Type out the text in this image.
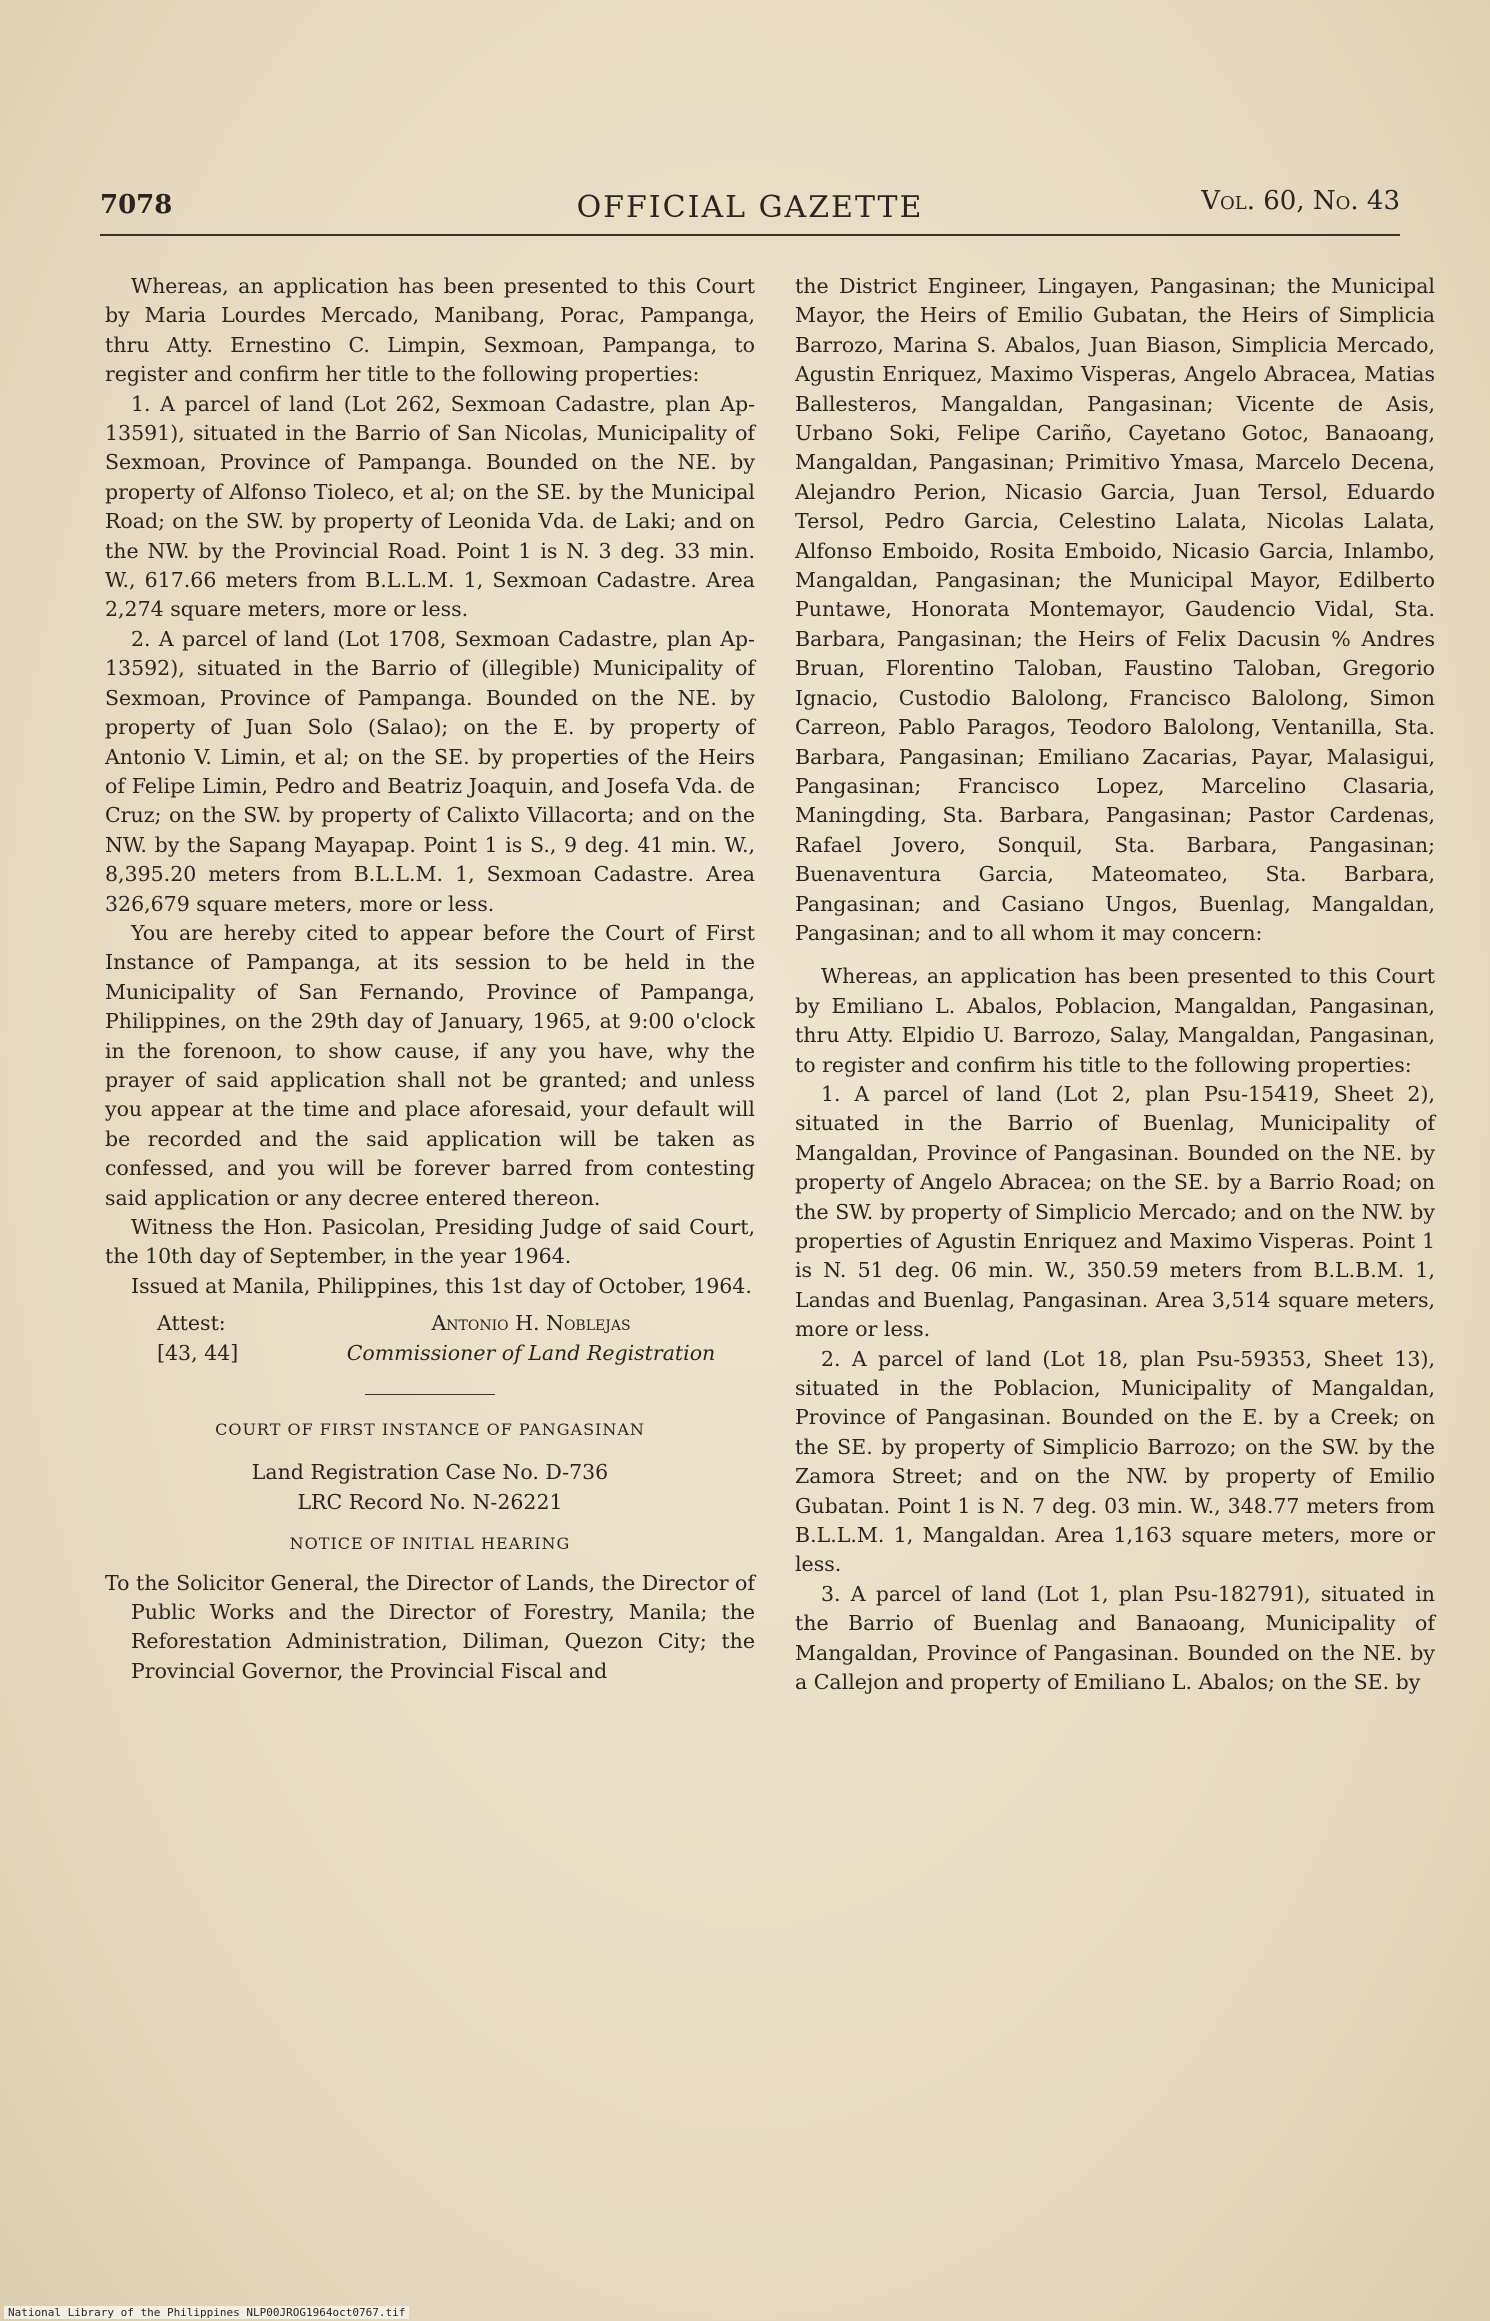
7078	OFFICIAL GAZETTE	Vol. 60, No. 43

Whereas, an application has been presented to this Court by Maria Lourdes Mercado, Manibang, Porac, Pampanga, thru Atty. Ernestino C. Limpin, Sexmoan, Pampanga, to register and confirm her title to the following properties:

1. A parcel of land (Lot 262, Sexmoan Cadastre, plan Ap-13591), situated in the Barrio of San Nicolas, Municipality of Sexmoan, Province of Pampanga. Bounded on the NE. by property of Alfonso Tioleco, et al; on the SE. by the Municipal Road; on the SW. by property of Leonida Vda. de Laki; and on the NW. by the Provincial Road. Point 1 is N. 3 deg. 33 min. W., 617.66 meters from B.L.L.M. 1, Sexmoan Cadastre. Area 2,274 square meters, more or less.

2. A parcel of land (Lot 1708, Sexmoan Cadastre, plan Ap-13592), situated in the Barrio of (illegible) Municipality of Sexmoan, Province of Pampanga. Bounded on the NE. by property of Juan Solo (Salao); on the E. by property of Antonio V. Limin, et al; on the SE. by properties of the Heirs of Felipe Limin, Pedro and Beatriz Joaquin, and Josefa Vda. de Cruz; on the SW. by property of Calixto Villacorta; and on the NW. by the Sapang Mayapap. Point 1 is S., 9 deg. 41 min. W., 8,395.20 meters from B.L.L.M. 1, Sexmoan Cadastre. Area 326,679 square meters, more or less.

You are hereby cited to appear before the Court of First Instance of Pampanga, at its session to be held in the Municipality of San Fernando, Province of Pampanga, Philippines, on the 29th day of January, 1965, at 9:00 o'clock in the forenoon, to show cause, if any you have, why the prayer of said application shall not be granted; and unless you appear at the time and place aforesaid, your default will be recorded and the said application will be taken as confessed, and you will be forever barred from contesting said application or any decree entered thereon.

Witness the Hon. Pasicolan, Presiding Judge of said Court, the 10th day of September, in the year 1964.

Issued at Manila, Philippines, this 1st day of October, 1964.

Attest:
[43, 44]
Antonio H. Noblejas
Commissioner of Land Registration
COURT OF FIRST INSTANCE OF PANGASINAN

Land Registration Case No. D-736

LRC Record No. N-26221

NOTICE OF INITIAL HEARING

To the Solicitor General, the Director of Lands, the Director of Public Works and the Director of Forestry, Manila; the Reforestation Administration, Diliman, Quezon City; the Provincial Governor, the Provincial Fiscal and

the District Engineer, Lingayen, Pangasinan; the Municipal Mayor, the Heirs of Emilio Gubatan, the Heirs of Simplicia Barrozo, Marina S. Abalos, Juan Biason, Simplicia Mercado, Agustin Enriquez, Maximo Visperas, Angelo Abracea, Matias Ballesteros, Mangaldan, Pangasinan; Vicente de Asis, Urbano Soki, Felipe Cariño, Cayetano Gotoc, Banaoang, Mangaldan, Pangasinan; Primitivo Ymasa, Marcelo Decena, Alejandro Perion, Nicasio Garcia, Juan Tersol, Eduardo Tersol, Pedro Garcia, Celestino Lalata, Nicolas Lalata, Alfonso Emboido, Rosita Emboido, Nicasio Garcia, Inlambo, Mangaldan, Pangasinan; the Municipal Mayor, Edilberto Puntawe, Honorata Montemayor, Gaudencio Vidal, Sta. Barbara, Pangasinan; the Heirs of Felix Dacusin % Andres Bruan, Florentino Taloban, Faustino Taloban, Gregorio Ignacio, Custodio Balolong, Francisco Balolong, Simon Carreon, Pablo Paragos, Teodoro Balolong, Ventanilla, Sta. Barbara, Pangasinan; Emiliano Zacarias, Payar, Malasigui, Pangasinan; Francisco Lopez, Marcelino Clasaria, Maningding, Sta. Barbara, Pangasinan; Pastor Cardenas, Rafael Jovero, Sonquil, Sta. Barbara, Pangasinan; Buenaventura Garcia, Mateomateo, Sta. Barbara, Pangasinan; and Casiano Ungos, Buenlag, Mangaldan, Pangasinan; and to all whom it may concern:

Whereas, an application has been presented to this Court by Emiliano L. Abalos, Poblacion, Mangaldan, Pangasinan, thru Atty. Elpidio U. Barrozo, Salay, Mangaldan, Pangasinan, to register and confirm his title to the following properties:

1. A parcel of land (Lot 2, plan Psu-15419, Sheet 2), situated in the Barrio of Buenlag, Municipality of Mangaldan, Province of Pangasinan. Bounded on the NE. by property of Angelo Abracea; on the SE. by a Barrio Road; on the SW. by property of Simplicio Mercado; and on the NW. by properties of Agustin Enriquez and Maximo Visperas. Point 1 is N. 51 deg. 06 min. W., 350.59 meters from B.L.B.M. 1, Landas and Buenlag, Pangasinan. Area 3,514 square meters, more or less.

2. A parcel of land (Lot 18, plan Psu-59353, Sheet 13), situated in the Poblacion, Municipality of Mangaldan, Province of Pangasinan. Bounded on the E. by a Creek; on the SE. by property of Simplicio Barrozo; on the SW. by the Zamora Street; and on the NW. by property of Emilio Gubatan. Point 1 is N. 7 deg. 03 min. W., 348.77 meters from B.L.L.M. 1, Mangaldan. Area 1,163 square meters, more or less.

3. A parcel of land (Lot 1, plan Psu-182791), situated in the Barrio of Buenlag and Banaoang, Municipality of Mangaldan, Province of Pangasinan. Bounded on the NE. by a Callejon and property of Emiliano L. Abalos; on the SE. by

National Library of the Philippines NLP00JROG1964oct0767.tif
